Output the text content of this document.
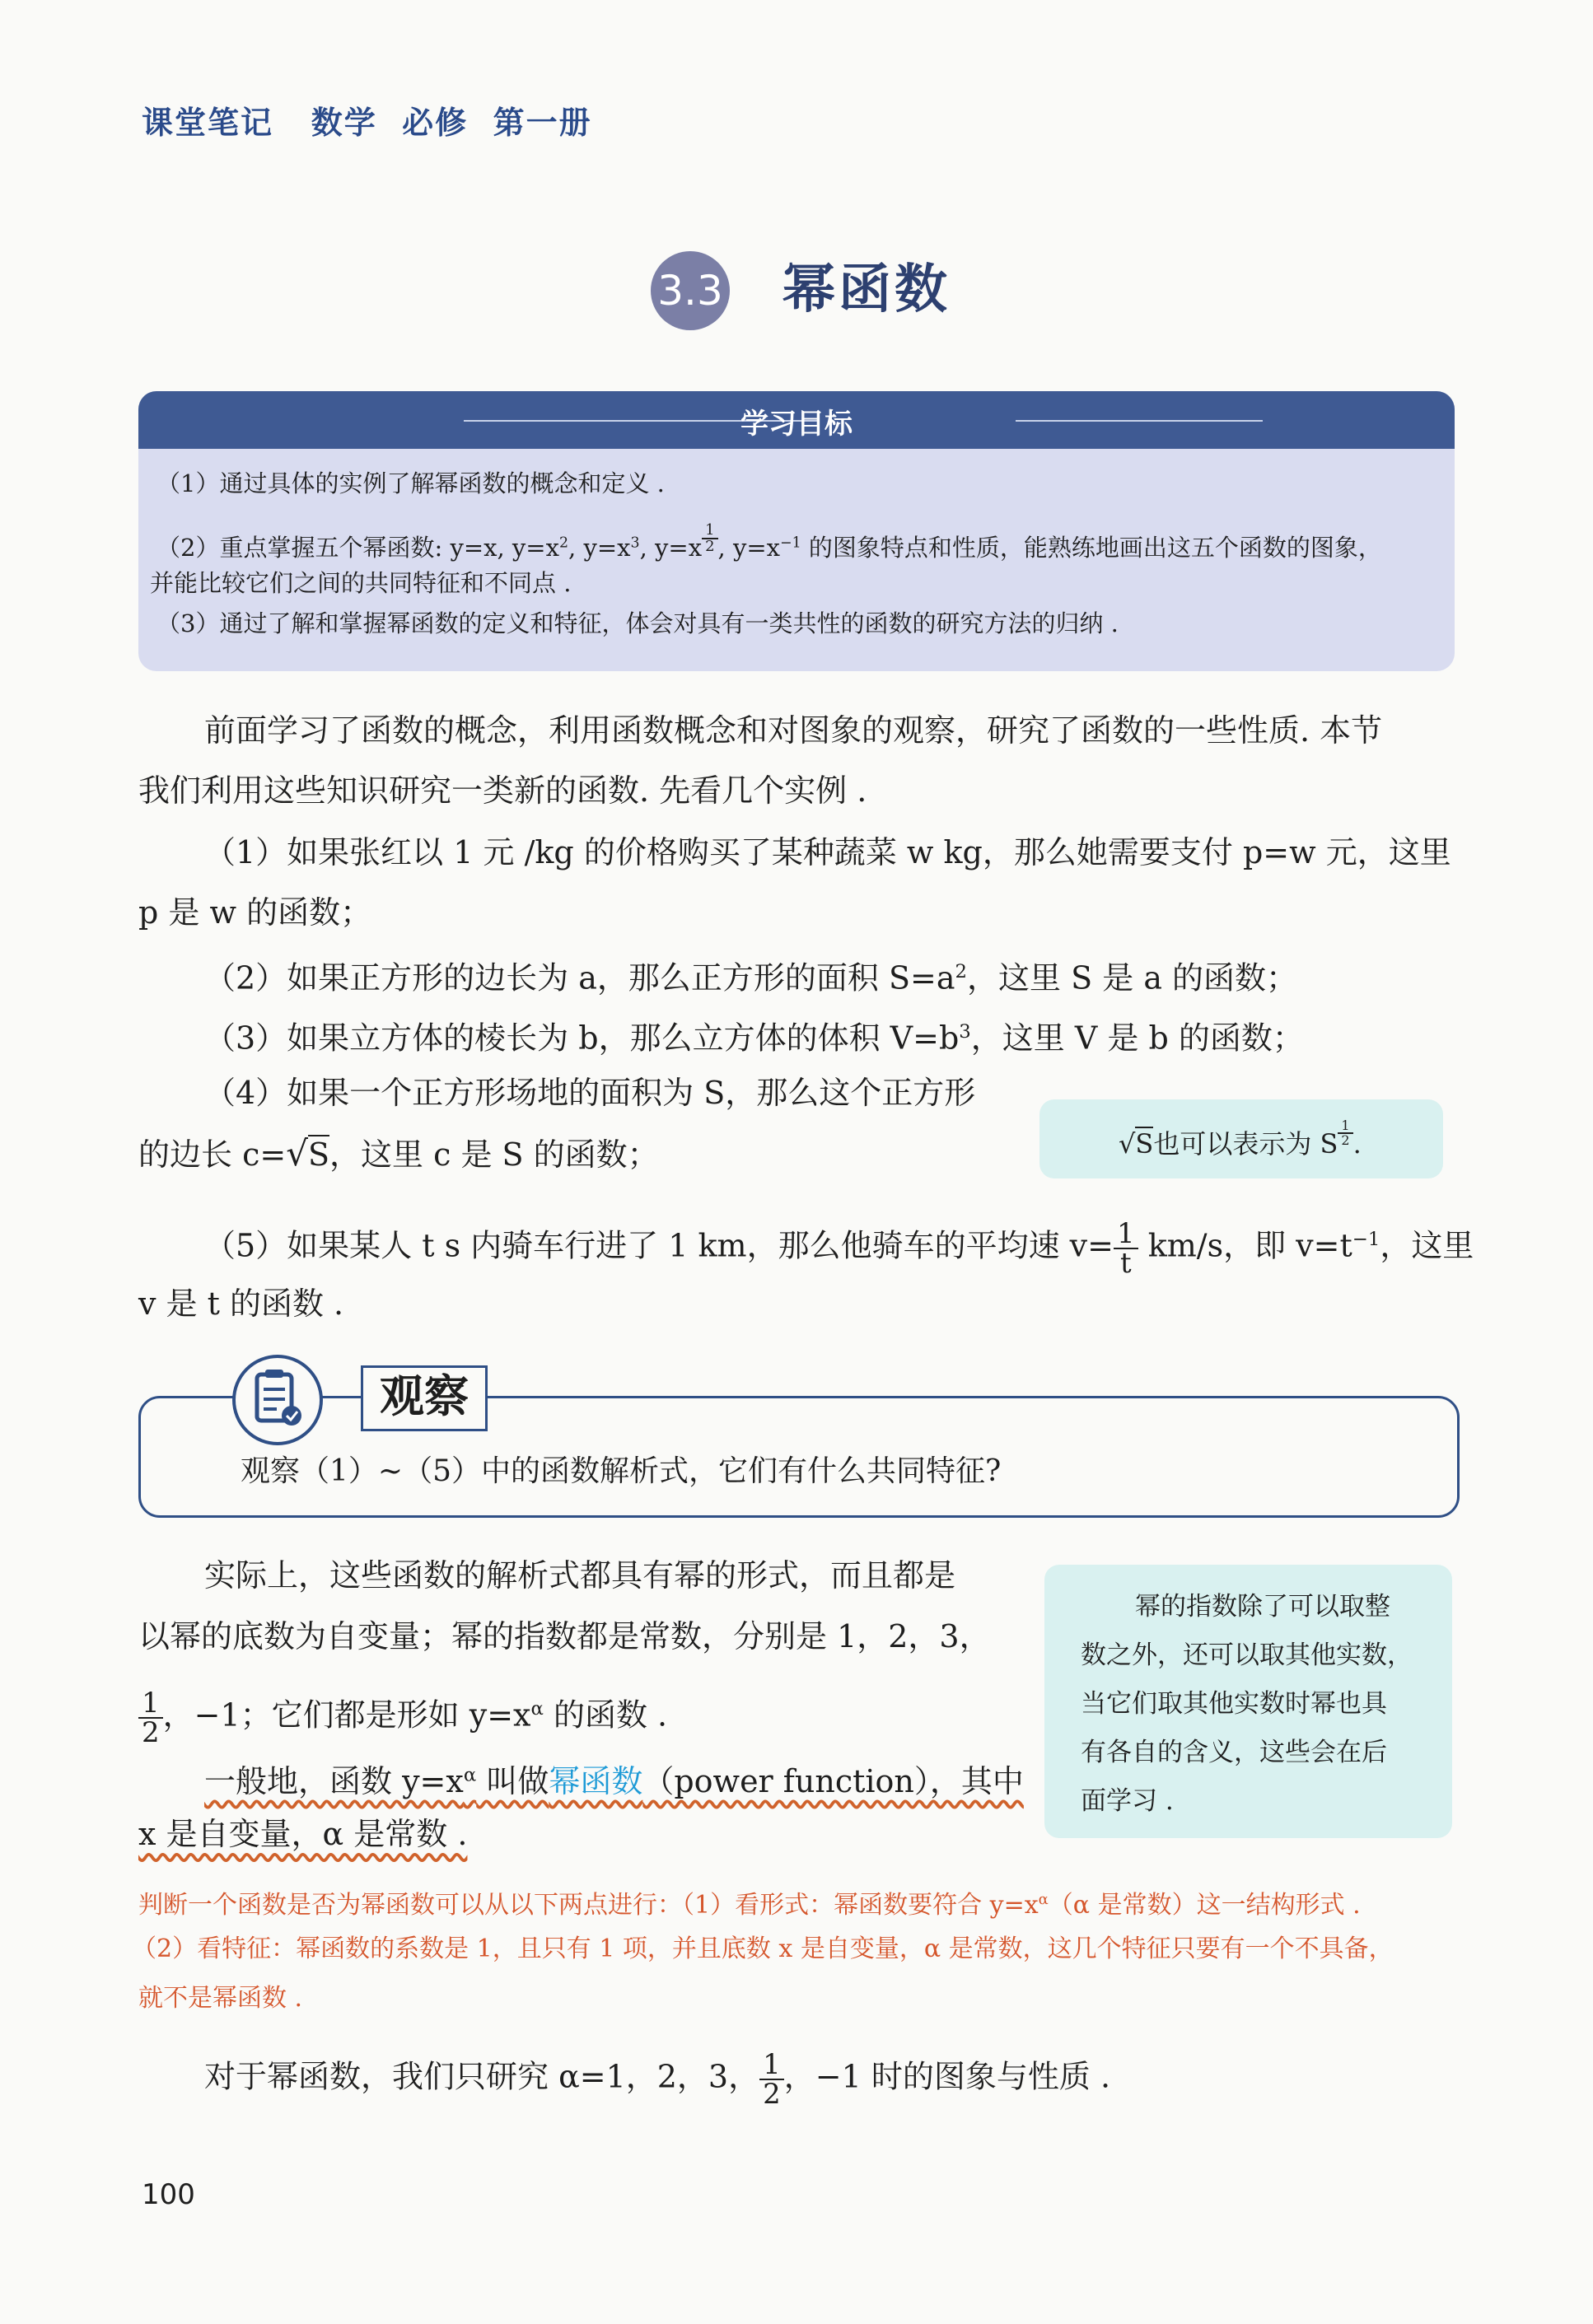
课堂笔记   数学  必修  第一册
3.3 幂函数
学习目标
（1）通过具体的实例了解幂函数的概念和定义 .
（2）重点掌握五个幂函数: y=x, $y=x^2$, $y=x^3$, $y=x \frac{1}{2}$ , $y=x^{-1}$ 的图象特点和性质，能熟练地画出这五个函数的图象，
并能比较它们之间的共同特征和不同点 .
（3）通过了解和掌握幂函数的定义和特征，体会对具有一类共性的函数的研究方法的归纳 .
前面学习了函数的概念，利用函数概念和对图象的观察，研究了函数的一些性质. 本节
我们利用这些知识研究一类新的函数. 先看几个实例 .
（1）如果张红以 1 元 /kg 的价格购买了某种蔬菜 w kg，那么她需要支付 p=w 元，这里
p 是 w 的函数；
（2）如果正方形的边长为 a，那么正方形的面积 $S=a^2$，这里 S 是 a 的函数；
（3）如果立方体的棱长为 b，那么立方体的体积 $V=b^3$，这里 V 是 b 的函数；
（4）如果一个正方形场地的面积为 S，那么这个正方形
的边长 c=√S，这里 c 是 S 的函数；	√S也可以表示为 S $\frac{1}{2}$ .
（5）如果某人 t s 内骑车行进了 1 km，那么他骑车的平均速 $v= \frac{1}{t} km/s$，即 $v=t^{-1}$，这里
v 是 t 的函数 .
观察
观察（1）~（5）中的函数解析式，它们有什么共同特征?
实际上，这些函数的解析式都具有幂的形式，而且都是
以幂的底数为自变量；幂的指数都是常数，分别是 1，2，3，
$\frac{1}{2}$ ，−1；它们都是形如 $y=x^\alpha$ 的函数 .
一般地，函数 $y=x^\alpha$ 叫做幂函数（power function），其中
x 是自变量，α 是常数 .
幂的指数除了可以取整
数之外，还可以取其他实数，
当它们取其他实数时幂也具
有各自的含义，这些会在后
面学习 .
判断一个函数是否为幂函数可以从以下两点进行：（1）看形式：幂函数要符合 $y=x^\alpha(\alpha$ 是常数）这一结构形式 .
（2）看特征：幂函数的系数是 1，且只有 1 项，并且底数 x 是自变量，α 是常数，这几个特征只要有一个不具备，
就不是幂函数 .
对于幂函数，我们只研究 α=1，2，3， $\frac{1}{2}$ ，−1 时的图象与性质 .
100
